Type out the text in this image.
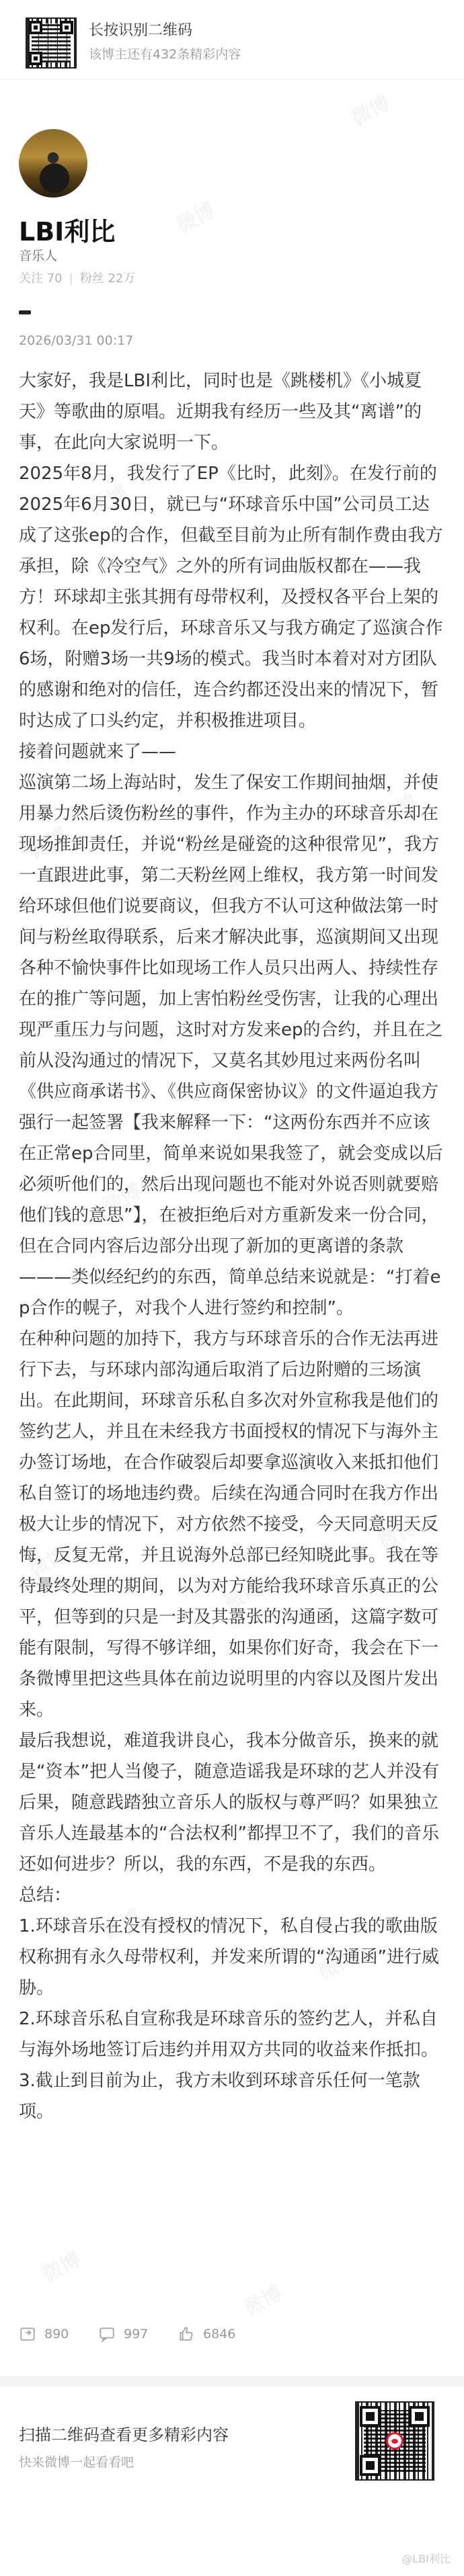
长按识别二维码
该博主还有432条精彩内容
LBI利比
音乐人
关注 70 | 粉丝 22万
2026/03/31 00:17

大家好，我是LBI利比，同时也是《跳楼机》《小城夏天》等歌曲的原唱。近期我有经历一些及其“离谱”的事，在此向大家说明一下。

2025年8月，我发行了EP《比时，此刻》。在发行前的2025年6月30日，就已与“环球音乐中国”公司员工达成了这张ep的合作，但截至目前为止所有制作费由我方承担，除《冷空气》之外的所有词曲版权都在——我方！环球却主张其拥有母带权利，及授权各平台上架的权利。在ep发行后，环球音乐又与我方确定了巡演合作6场，附赠3场一共9场的模式。我当时本着对对方团队的感谢和绝对的信任，连合约都还没出来的情况下，暂时达成了口头约定，并积极推进项目。

接着问题就来了——

巡演第二场上海站时，发生了保安工作期间抽烟，并使用暴力然后烫伤粉丝的事件，作为主办的环球音乐却在现场推卸责任，并说“粉丝是碰瓷的这种很常见”，我方一直跟进此事，第二天粉丝网上维权，我方第一时间发给环球但他们说要商议，但我方不认可这种做法第一时间与粉丝取得联系，后来才解决此事，巡演期间又出现各种不愉快事件比如现场工作人员只出两人、持续性存在的推广等问题，加上害怕粉丝受伤害，让我的心理出现严重压力与问题，这时对方发来ep的合约，并且在之前从没沟通过的情况下，又莫名其妙甩过来两份名叫《供应商承诺书》、《供应商保密协议》的文件逼迫我方强行一起签署【我来解释一下：“这两份东西并不应该在正常ep合同里，简单来说如果我签了，就会变成以后必须听他们的，然后出现问题也不能对外说否则就要赔他们钱的意思”】，在被拒绝后对方重新发来一份合同，但在合同内容后边部分出现了新加的更离谱的条款———类似经纪约的东西，简单总结来说就是：“打着ep合作的幌子，对我个人进行签约和控制”。

在种种问题的加持下，我方与环球音乐的合作无法再进行下去，与环球内部沟通后取消了后边附赠的三场演出。在此期间，环球音乐私自多次对外宣称我是他们的签约艺人，并且在未经我方书面授权的情况下与海外主办签订场地，在合作破裂后却要拿巡演收入来抵扣他们私自签订的场地违约费。后续在沟通合同时在我方作出极大让步的情况下，对方依然不接受，今天同意明天反悔，反复无常，并且说海外总部已经知晓此事。我在等待最终处理的期间，以为对方能给我环球音乐真正的公平，但等到的只是一封及其嚣张的沟通函，这篇字数可能有限制，写得不够详细，如果你们好奇，我会在下一条微博里把这些具体在前边说明里的内容以及图片发出来。

最后我想说，难道我讲良心，我本分做音乐，换来的就是“资本”把人当傻子，随意造谣我是环球的艺人并没有后果，随意践踏独立音乐人的版权与尊严吗？如果独立音乐人连最基本的“合法权利”都捍卫不了，我们的音乐还如何进步？所以，我的东西，不是我的东西。

总结：

1.环球音乐在没有授权的情况下，私自侵占我的歌曲版权称拥有永久母带权利，并发来所谓的“沟通函”进行威胁。

2.环球音乐私自宣称我是环球音乐的签约艺人，并私自与海外场地签订后违约并用双方共同的收益来作抵扣。

3.截止到目前为止，我方未收到环球音乐任何一笔款项。

890	997	6846
扫描二维码查看更多精彩内容
快来微博一起看看吧
@LBI利比
